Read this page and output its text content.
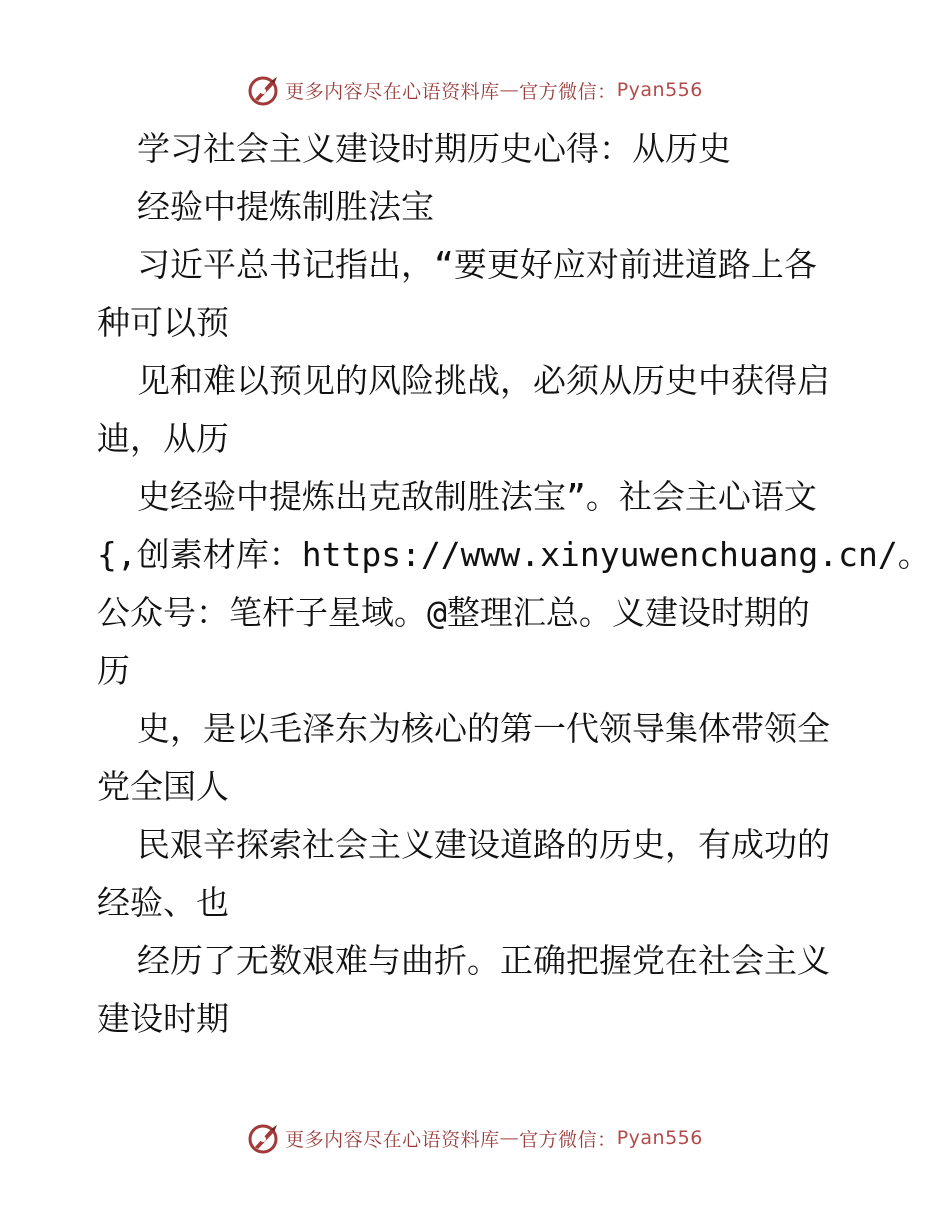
更多内容尽在心语资料库 — 官方微信： Pyan556
学习社会主义建设时期历史心得：从历史
经验中提炼制胜法宝
习近平总书记指出，“要更好应对前进道路上各
种可以预
见和难以预见的风险挑战，必须从历史中获得启
迪，从历
史经验中提炼出克敌制胜法宝”。社会主心语文
{,创素材库：https://www.xinyuwenchuang.cn/。
公众号：笔杆子星域。@整理汇总。义建设时期的
历
史，是以毛泽东为核心的第一代领导集体带领全
党全国人
民艰辛探索社会主义建设道路的历史，有成功的
经验、也
经历了无数艰难与曲折。正确把握党在社会主义
建设时期
更多内容尽在心语资料库 — 官方微信： Pyan556
